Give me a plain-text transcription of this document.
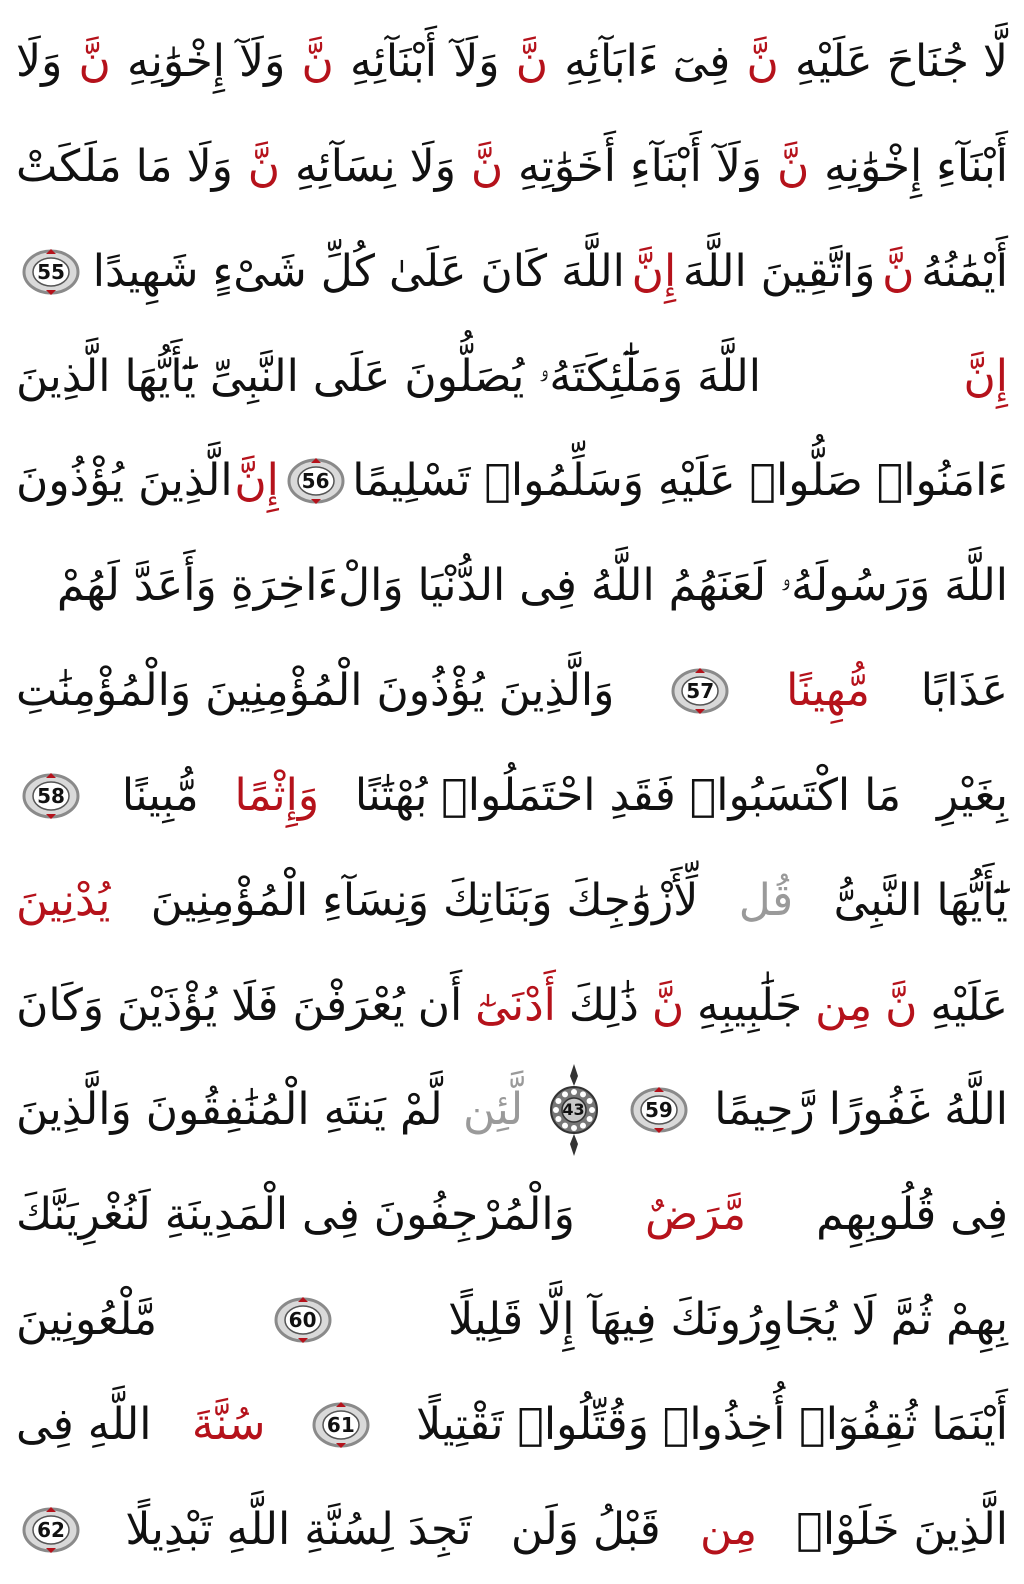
لَّا جُنَاحَ عَلَيْهِ
نَّ
فِىٓ ءَابَآئِهِ
نَّ
وَلَآ
أَبْنَآئِهِ
نَّ
وَلَآ إِخْوَٰنِهِ
نَّ
وَلَا
أَبْنَآءِ إِخْوَٰنِهِ
نَّ
وَلَآ أَبْنَآءِ أَخَوَٰتِهِ
نَّ
وَلَا نِسَآئِهِ
نَّ
وَلَا مَا مَلَكَتْ
أَيْمَٰنُهُ
نَّ
وَاتَّقِينَ اللَّهَ
إِنَّ
اللَّهَ كَانَ عَلَىٰ كُلِّ شَىْءٍ شَهِيدًا
55
إِنَّ
اللَّهَ وَمَلَٰٓئِكَتَهُۥ يُصَلُّونَ عَلَى النَّبِىِّ يَٰٓأَيُّهَا الَّذِينَ
ءَامَنُوا۟ صَلُّوا۟ عَلَيْهِ وَسَلِّمُوا۟ تَسْلِيمًا
56
إِنَّ
الَّذِينَ يُؤْذُونَ
اللَّهَ وَرَسُولَهُۥ لَعَنَهُمُ اللَّهُ فِى الدُّنْيَا وَالْءَاخِرَةِ وَأَعَدَّ لَهُمْ
عَذَابًا
مُّهِينًا
57
وَالَّذِينَ يُؤْذُونَ الْمُؤْمِنِينَ وَالْمُؤْمِنَٰتِ
بِغَيْرِ
مَا اكْتَسَبُوا۟ فَقَدِ احْتَمَلُوا۟ بُهْتَٰنًا
وَإِثْمًا
مُّبِينًا
58
يَٰٓأَيُّهَا النَّبِىُّ
قُل
لِّأَزْوَٰجِكَ وَبَنَاتِكَ وَنِسَآءِ الْمُؤْمِنِينَ
يُدْنِينَ
عَلَيْهِ
نَّ
مِن
جَلَٰبِيبِهِ
نَّ
ذَٰلِكَ
أَدْنَىٰٓ
أَن
يُعْرَفْنَ فَلَا يُؤْذَيْنَ
وَكَانَ
اللَّهُ غَفُورًا رَّحِيمًا
59
43
لَّئِن
لَّمْ يَنتَهِ الْمُنَٰفِقُونَ وَالَّذِينَ
فِى قُلُوبِهِم
مَّرَضٌ
وَالْمُرْجِفُونَ فِى الْمَدِينَةِ لَنُغْرِيَنَّكَ
بِهِمْ ثُمَّ لَا يُجَاوِرُونَكَ فِيهَآ إِلَّا قَلِيلًا
60
مَّلْعُونِينَ
أَيْنَمَا ثُقِفُوٓا۟ أُخِذُوا۟ وَقُتِّلُوا۟ تَقْتِيلًا
61
سُنَّةَ
اللَّهِ فِى
الَّذِينَ خَلَوْا۟
مِن
قَبْلُ وَلَن
تَجِدَ لِسُنَّةِ اللَّهِ تَبْدِيلًا
62
